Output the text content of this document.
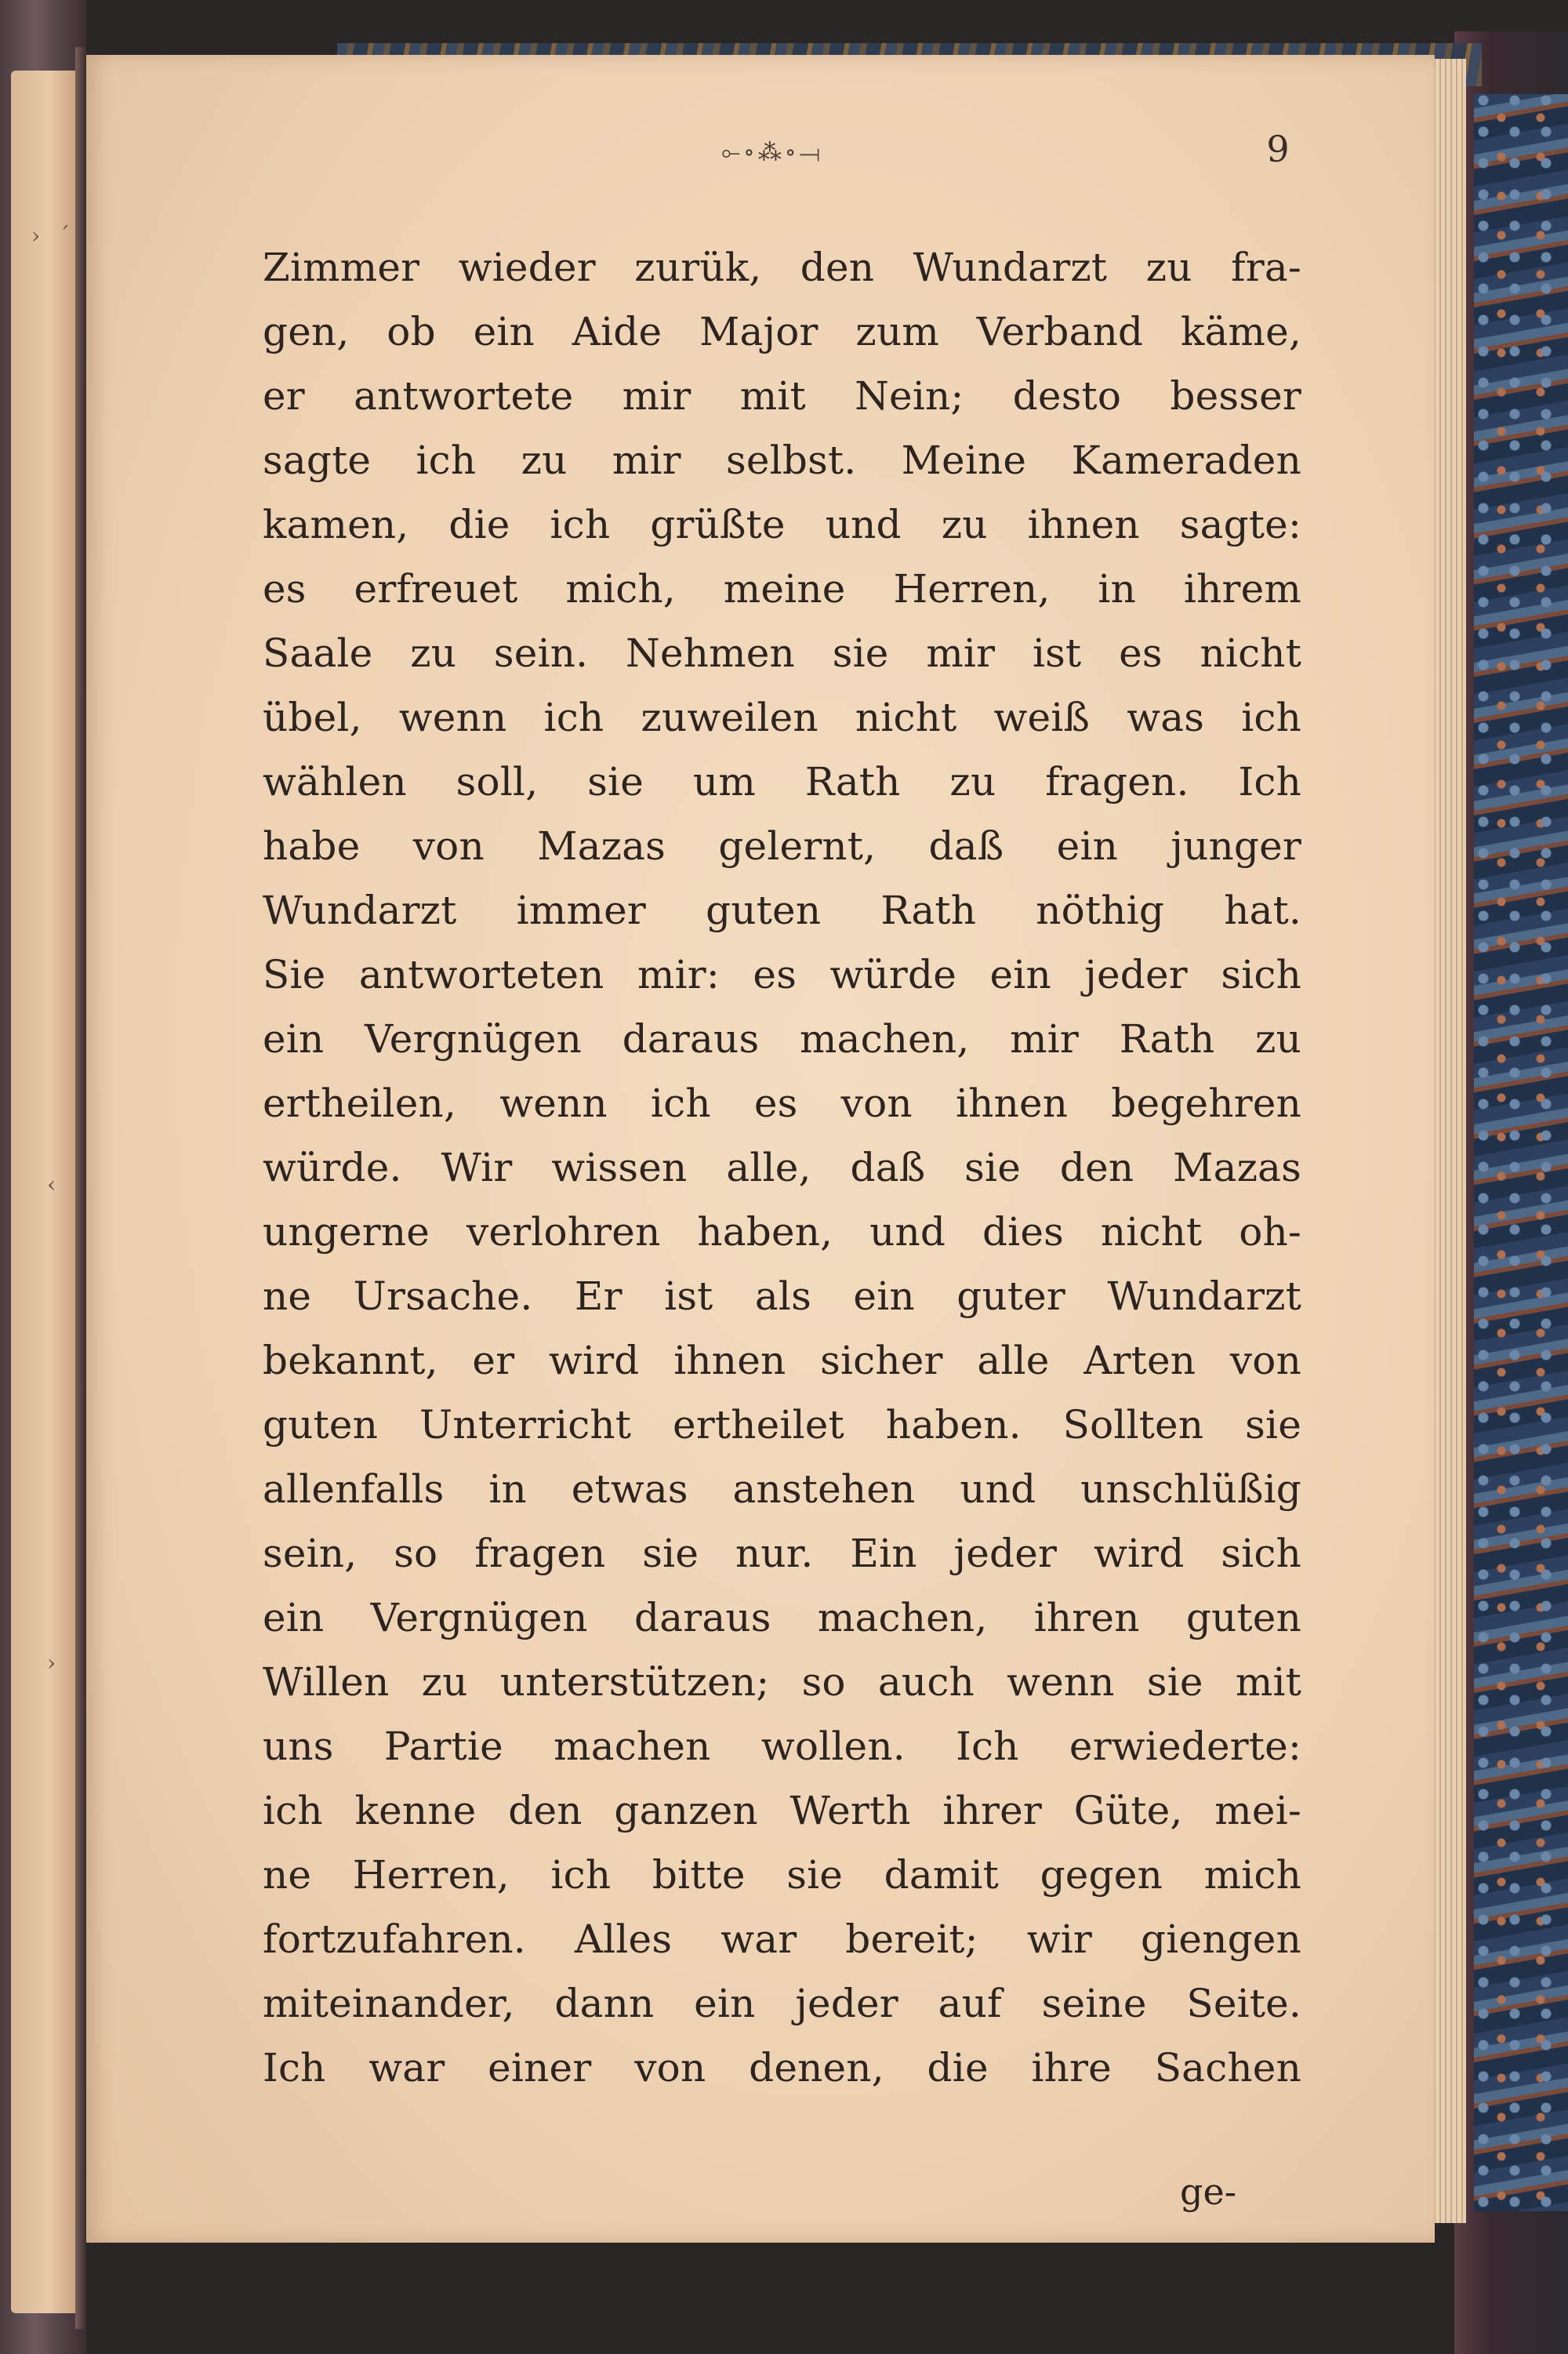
› ˊ
‹
›
⟜∘⁂∘⟞	9
Zimmer wieder zurük, den Wundarzt zu fra-
gen, ob ein Aide Major zum Verband käme,
er antwortete mir mit Nein; desto besser
sagte ich zu mir selbst. Meine Kameraden
kamen, die ich grüßte und zu ihnen sagte:
es erfreuet mich, meine Herren, in ihrem
Saale zu sein. Nehmen sie mir ist es nicht
übel, wenn ich zuweilen nicht weiß was ich
wählen soll, sie um Rath zu fragen. Ich
habe von Mazas gelernt, daß ein junger
Wundarzt immer guten Rath nöthig hat.
Sie antworteten mir: es würde ein jeder sich
ein Vergnügen daraus machen, mir Rath zu
ertheilen, wenn ich es von ihnen begehren
würde. Wir wissen alle, daß sie den Mazas
ungerne verlohren haben, und dies nicht oh-
ne Ursache. Er ist als ein guter Wundarzt
bekannt, er wird ihnen sicher alle Arten von
guten Unterricht ertheilet haben. Sollten sie
allenfalls in etwas anstehen und unschlüßig
sein, so fragen sie nur. Ein jeder wird sich
ein Vergnügen daraus machen, ihren guten
Willen zu unterstützen; so auch wenn sie mit
uns Partie machen wollen. Ich erwiederte:
ich kenne den ganzen Werth ihrer Güte, mei-
ne Herren, ich bitte sie damit gegen mich
fortzufahren. Alles war bereit; wir giengen
miteinander, dann ein jeder auf seine Seite.
Ich war einer von denen, die ihre Sachen
ge-
